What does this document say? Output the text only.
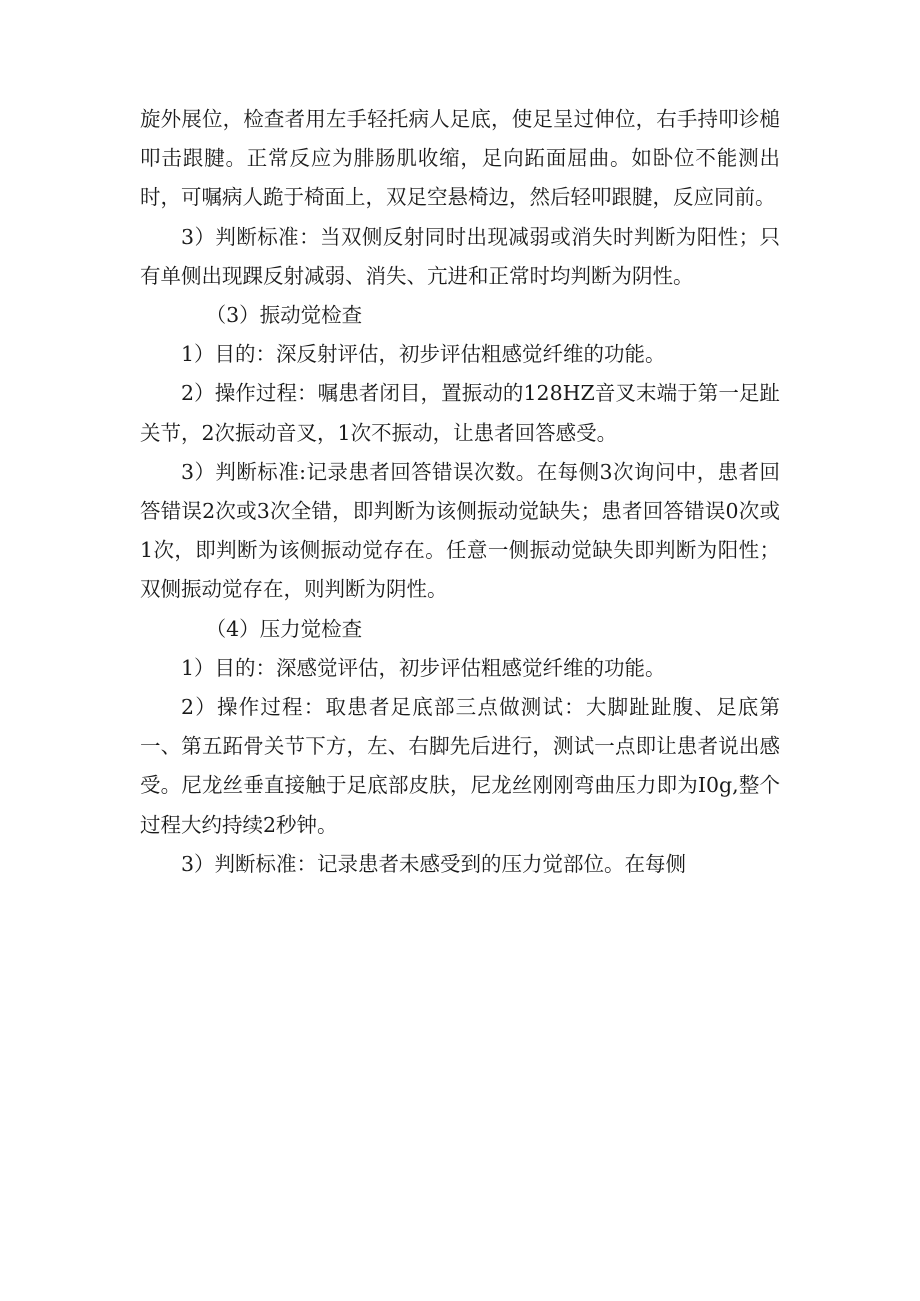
旋外展位，检查者用左手轻托病人足底，使足呈过伸位，右手持叩诊槌叩击跟腱。正常反应为腓肠肌收缩，足向跖面屈曲。如卧位不能测出时，可嘱病人跪于椅面上，双足空悬椅边，然后轻叩跟腱，反应同前。

3）判断标准：当双侧反射同时出现减弱或消失时判断为阳性；只有单侧出现踝反射减弱、消失、亢进和正常时均判断为阴性。

（3）振动觉检查

1）目的：深反射评估，初步评估粗感觉纤维的功能。

2）操作过程：嘱患者闭目，置振动的128HZ音叉末端于第一足趾关节，2次振动音叉，1次不振动，让患者回答感受。

3）判断标准:记录患者回答错误次数。在每侧3次询问中，患者回答错误2次或3次全错，即判断为该侧振动觉缺失；患者回答错误0次或1次，即判断为该侧振动觉存在。任意一侧振动觉缺失即判断为阳性；双侧振动觉存在，则判断为阴性。

（4）压力觉检查

1）目的：深感觉评估，初步评估粗感觉纤维的功能。

2）操作过程：取患者足底部三点做测试：大脚趾趾腹、足底第一、第五跖骨关节下方，左、右脚先后进行，测试一点即让患者说出感受。尼龙丝垂直接触于足底部皮肤，尼龙丝刚刚弯曲压力即为I0g,整个过程大约持续2秒钟。

3）判断标准：记录患者未感受到的压力觉部位。在每侧
